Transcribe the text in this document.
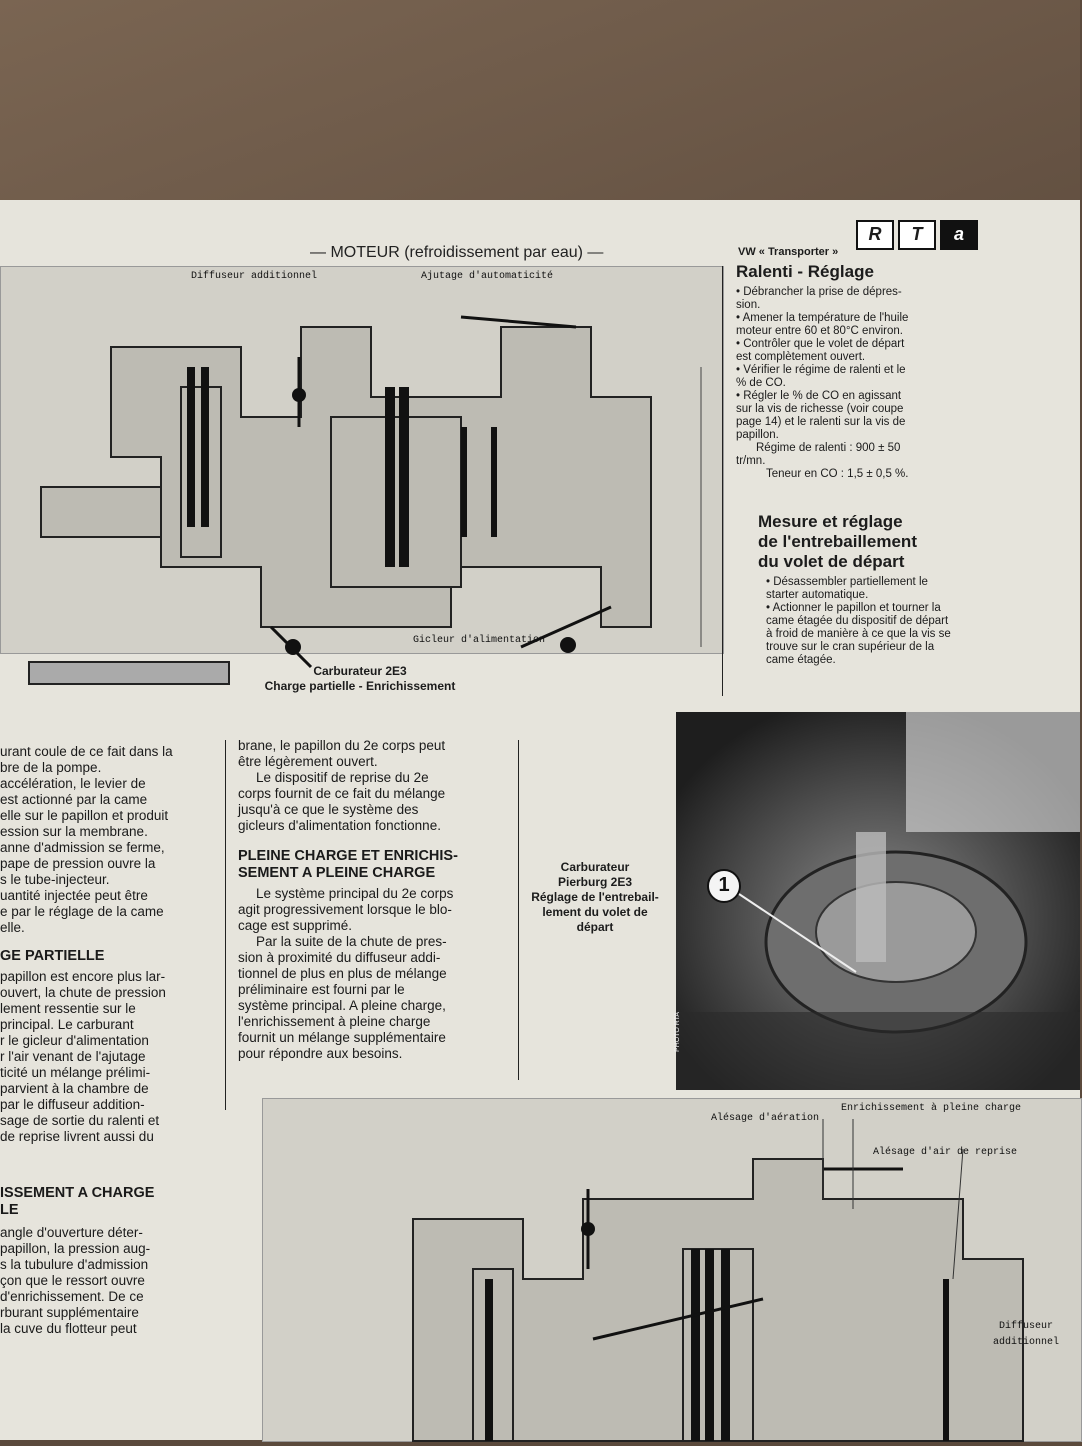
— MOTEUR (refroidissement par eau) —	VW « Transporter »
R	T	a
Diffuseur additionnel	Ajutage d'automaticité
Gicleur d'alimentation
Carburateur 2E3
Charge partielle - Enrichissement
Ralenti - Réglage

• Débrancher la prise de dépres-

sion.

• Amener la température de l'huile

moteur entre 60 et 80°C environ.

• Contrôler que le volet de départ

est complètement ouvert.

• Vérifier le régime de ralenti et le

% de CO.

• Régler le % de CO en agissant

sur la vis de richesse (voir coupe

page 14) et le ralenti sur la vis de

papillon.

Régime de ralenti : 900 ± 50

tr/mn.

Teneur en CO : 1,5 ± 0,5 %.

Mesure et réglage
de l'entrebaillement
du volet de départ

• Désassembler partiellement le

starter automatique.

• Actionner le papillon et tourner la

came étagée du dispositif de départ

à froid de manière à ce que la vis se

trouve sur le cran supérieur de la

came étagée.

urant coule de ce fait dans la

bre de la pompe.

accélération, le levier de

est actionné par la came

elle sur le papillon et produit

ession sur la membrane.

anne d'admission se ferme,

pape de pression ouvre la

s le tube-injecteur.

uantité injectée peut être

e par le réglage de la came

elle.

GE PARTIELLE

papillon est encore plus lar-

ouvert, la chute de pression

lement ressentie sur le

principal. Le carburant

r le gicleur d'alimentation

r l'air venant de l'ajutage

ticité un mélange prélimi-

parvient à la chambre de

par le diffuseur addition-

sage de sortie du ralenti et

de reprise livrent aussi du

ISSEMENT A CHARGE
LE

angle d'ouverture déter-

papillon, la pression aug-

s la tubulure d'admission

çon que le ressort ouvre

d'enrichissement. De ce

rburant supplémentaire

la cuve du flotteur peut

brane, le papillon du 2e corps peut

être légèrement ouvert.

Le dispositif de reprise du 2e

corps fournit de ce fait du mélange

jusqu'à ce que le système des

gicleurs d'alimentation fonctionne.

PLEINE CHARGE ET ENRICHIS-
SEMENT A PLEINE CHARGE

Le système principal du 2e corps

agit progressivement lorsque le blo-

cage est supprimé.

Par la suite de la chute de pres-

sion à proximité du diffuseur addi-

tionnel de plus en plus de mélange

préliminaire est fourni par le

système principal. A pleine charge,

l'enrichissement à pleine charge

fournit un mélange supplémentaire

pour répondre aux besoins.

Carburateur
Pierburg 2E3
Réglage de l'entrebail-
lement du volet de
départ
1
PHOTO RTA
Alésage d'aération
Enrichissement à pleine charge
Alésage d'air de reprise
Diffuseur
additionnel
